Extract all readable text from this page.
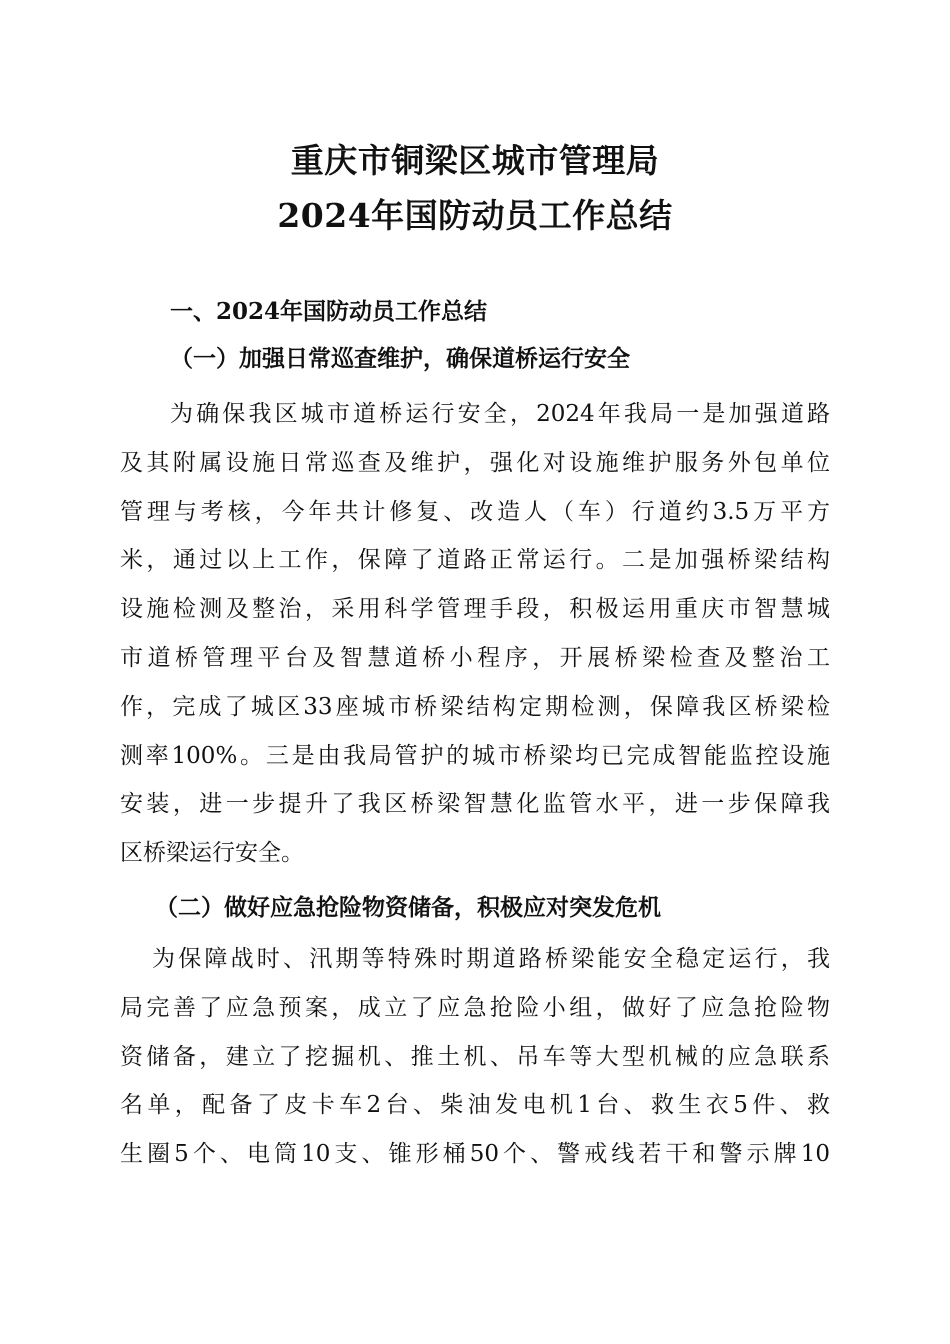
重庆市铜梁区城市管理局
2024年国防动员工作总结
一、2024年国防动员工作总结
（一）加强日常巡查维护，确保道桥运行安全
为确保我区城市道桥运行安全，2024年我局一是加强道路
及其附属设施日常巡查及维护，强化对设施维护服务外包单位
管理与考核，今年共计修复、改造人（车）行道约3.5万平方
米，通过以上工作，保障了道路正常运行。二是加强桥梁结构
设施检测及整治，采用科学管理手段，积极运用重庆市智慧城
市道桥管理平台及智慧道桥小程序，开展桥梁检查及整治工
作，完成了城区33座城市桥梁结构定期检测，保障我区桥梁检
测率100%。三是由我局管护的城市桥梁均已完成智能监控设施
安装，进一步提升了我区桥梁智慧化监管水平，进一步保障我
区桥梁运行安全。
（二）做好应急抢险物资储备，积极应对突发危机
为保障战时、汛期等特殊时期道路桥梁能安全稳定运行，我
局完善了应急预案，成立了应急抢险小组，做好了应急抢险物
资储备，建立了挖掘机、推土机、吊车等大型机械的应急联系
名单，配备了皮卡车2台、柴油发电机1台、救生衣5件、救
生圈5个、电筒10支、锥形桶50个、警戒线若干和警示牌10
